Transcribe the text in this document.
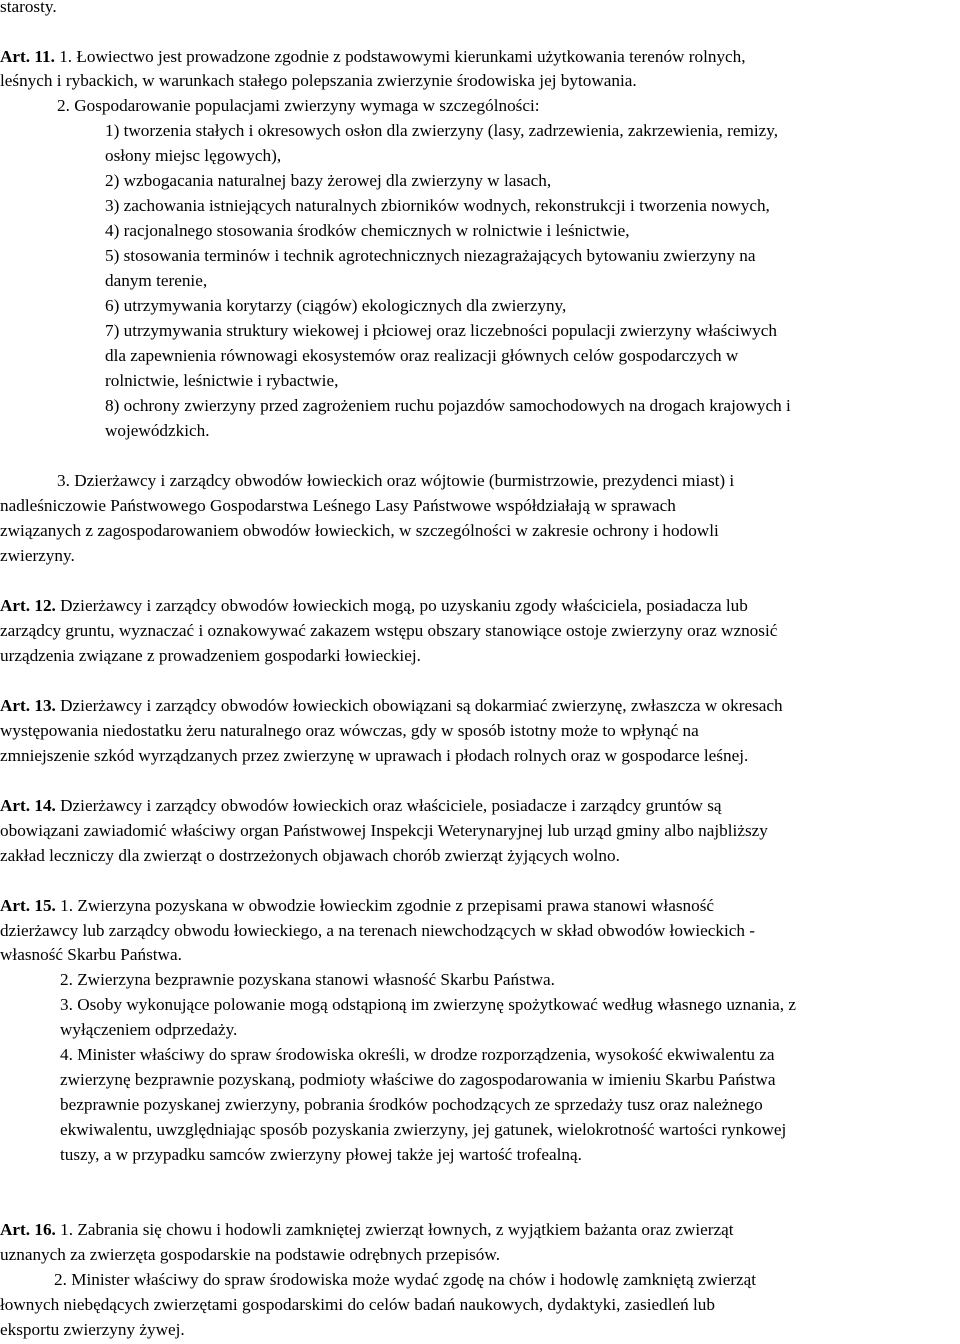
starosty.

Art. 11. 1. Łowiectwo jest prowadzone zgodnie z podstawowymi kierunkami użytkowania terenów rolnych,

leśnych i rybackich, w warunkach stałego polepszania zwierzynie środowiska jej bytowania.

2. Gospodarowanie populacjami zwierzyny wymaga w szczególności:

1) tworzenia stałych i okresowych osłon dla zwierzyny (lasy, zadrzewienia, zakrzewienia, remizy,

osłony miejsc lęgowych),

2) wzbogacania naturalnej bazy żerowej dla zwierzyny w lasach,

3) zachowania istniejących naturalnych zbiorników wodnych, rekonstrukcji i tworzenia nowych,

4) racjonalnego stosowania środków chemicznych w rolnictwie i leśnictwie,

5) stosowania terminów i technik agrotechnicznych niezagrażających bytowaniu zwierzyny na

danym terenie,

6) utrzymywania korytarzy (ciągów) ekologicznych dla zwierzyny,

7) utrzymywania struktury wiekowej i płciowej oraz liczebności populacji zwierzyny właściwych

dla zapewnienia równowagi ekosystemów oraz realizacji głównych celów gospodarczych w

rolnictwie, leśnictwie i rybactwie,

8) ochrony zwierzyny przed zagrożeniem ruchu pojazdów samochodowych na drogach krajowych i

wojewódzkich.

3. Dzierżawcy i zarządcy obwodów łowieckich oraz wójtowie (burmistrzowie, prezydenci miast) i

nadleśniczowie Państwowego Gospodarstwa Leśnego Lasy Państwowe współdziałają w sprawach

związanych z zagospodarowaniem obwodów łowieckich, w szczególności w zakresie ochrony i hodowli

zwierzyny.

Art. 12. Dzierżawcy i zarządcy obwodów łowieckich mogą, po uzyskaniu zgody właściciela, posiadacza lub

zarządcy gruntu, wyznaczać i oznakowywać zakazem wstępu obszary stanowiące ostoje zwierzyny oraz wznosić

urządzenia związane z prowadzeniem gospodarki łowieckiej.

Art. 13. Dzierżawcy i zarządcy obwodów łowieckich obowiązani są dokarmiać zwierzynę, zwłaszcza w okresach

występowania niedostatku żeru naturalnego oraz wówczas, gdy w sposób istotny może to wpłynąć na

zmniejszenie szkód wyrządzanych przez zwierzynę w uprawach i płodach rolnych oraz w gospodarce leśnej.

Art. 14. Dzierżawcy i zarządcy obwodów łowieckich oraz właściciele, posiadacze i zarządcy gruntów są

obowiązani zawiadomić właściwy organ Państwowej Inspekcji Weterynaryjnej lub urząd gminy albo najbliższy

zakład leczniczy dla zwierząt o dostrzeżonych objawach chorób zwierząt żyjących wolno.

Art. 15. 1. Zwierzyna pozyskana w obwodzie łowieckim zgodnie z przepisami prawa stanowi własność

dzierżawcy lub zarządcy obwodu łowieckiego, a na terenach niewchodzących w skład obwodów łowieckich -

własność Skarbu Państwa.

2. Zwierzyna bezprawnie pozyskana stanowi własność Skarbu Państwa.

3. Osoby wykonujące polowanie mogą odstąpioną im zwierzynę spożytkować według własnego uznania, z

wyłączeniem odprzedaży.

4. Minister właściwy do spraw środowiska określi, w drodze rozporządzenia, wysokość ekwiwalentu za

zwierzynę bezprawnie pozyskaną, podmioty właściwe do zagospodarowania w imieniu Skarbu Państwa

bezprawnie pozyskanej zwierzyny, pobrania środków pochodzących ze sprzedaży tusz oraz należnego

ekwiwalentu, uwzględniając sposób pozyskania zwierzyny, jej gatunek, wielokrotność wartości rynkowej

tuszy, a w przypadku samców zwierzyny płowej także jej wartość trofealną.

Art. 16. 1. Zabrania się chowu i hodowli zamkniętej zwierząt łownych, z wyjątkiem bażanta oraz zwierząt

uznanych za zwierzęta gospodarskie na podstawie odrębnych przepisów.

2. Minister właściwy do spraw środowiska może wydać zgodę na chów i hodowlę zamkniętą zwierząt

łownych niebędących zwierzętami gospodarskimi do celów badań naukowych, dydaktyki, zasiedleń lub

eksportu zwierzyny żywej.
